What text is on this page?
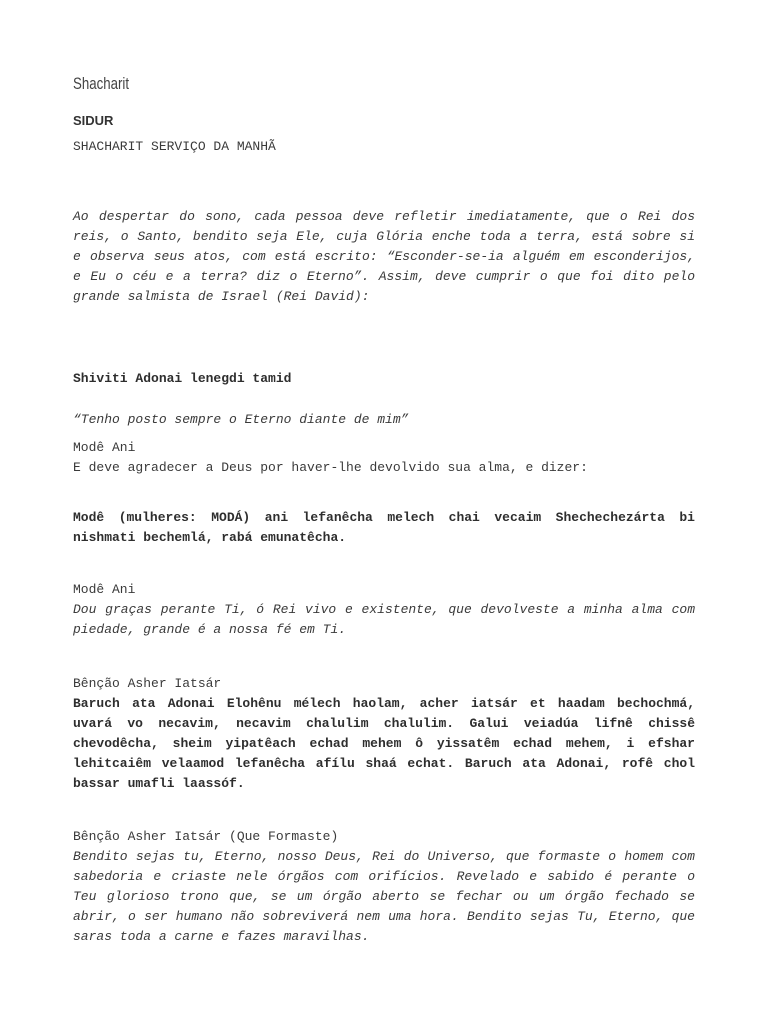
Shacharit

SIDUR

SHACHARIT SERVIÇO DA MANHÃ

Ao despertar do sono, cada pessoa deve refletir imediatamente, que o Rei dos reis, o Santo, bendito seja Ele, cuja Glória enche toda a terra, está sobre si e observa seus atos, com está escrito: “Esconder-se-ia alguém em esconderijos, e Eu o céu e a terra? diz o Eterno”. Assim, deve cumprir o que foi dito pelo grande salmista de Israel (Rei David):

Shiviti Adonai lenegdi tamid

“Tenho posto sempre o Eterno diante de mim”

Modê Ani

E deve agradecer a Deus por haver-lhe devolvido sua alma, e dizer:

Modê (mulheres: MODÁ) ani lefanêcha melech chai vecaim Shechechezárta bi nishmati bechemlá, rabá emunatêcha.

Modê Ani

Dou graças perante Ti, ó Rei vivo e existente, que devolveste a minha alma com piedade, grande é a nossa fé em Ti.

Bênção Asher Iatsár

Baruch ata Adonai Elohênu mélech haolam, acher iatsár et haadam bechochmá, uvará vo necavim, necavim chalulim chalulim. Galui veiadúa lifnê chissê chevodêcha, sheim yipatêach echad mehem ô yissatêm echad mehem, i efshar lehitcaiêm velaamod lefanêcha afílu shaá echat. Baruch ata Adonai, rofê chol bassar umafli laassóf.

Bênção Asher Iatsár (Que Formaste)

Bendito sejas tu, Eterno, nosso Deus, Rei do Universo, que formaste o homem com sabedoria e criaste nele órgãos com orifícios. Revelado e sabido é perante o Teu glorioso trono que, se um órgão aberto se fechar ou um órgão fechado se abrir, o ser humano não sobreviverá nem uma hora. Bendito sejas Tu, Eterno, que saras toda a carne e fazes maravilhas.
